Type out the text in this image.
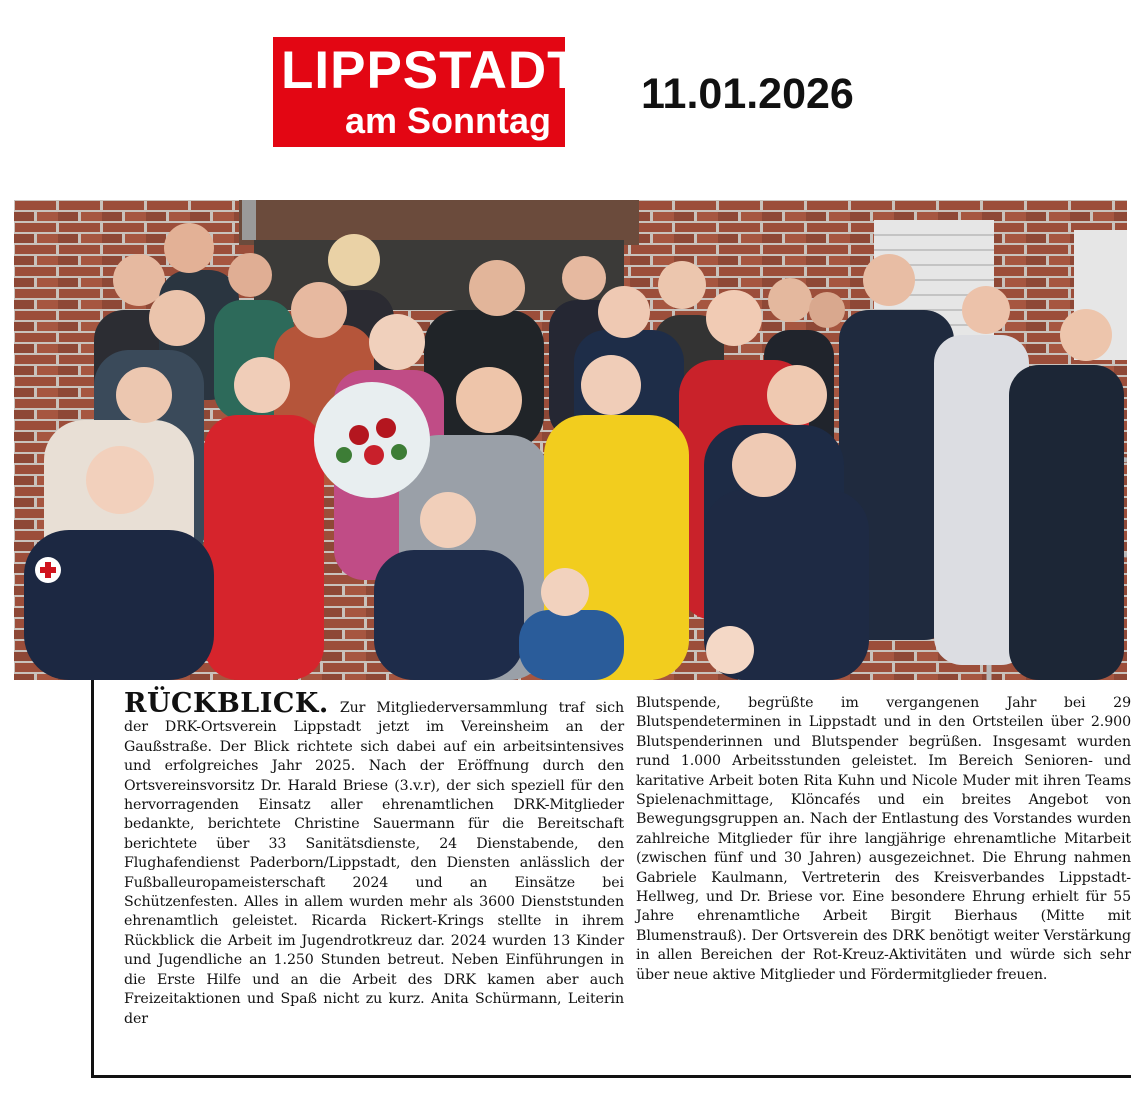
LIPPSTADT
am Sonntag
11.01.2026
RÜCKBLICK. Zur Mitgliederversammlung traf sich der DRK-Ortsverein Lippstadt jetzt im Vereinsheim an der Gaußstraße. Der Blick richtete sich dabei auf ein arbeitsintensives und erfolgreiches Jahr 2025. Nach der Eröffnung durch den Ortsvereinsvorsitz Dr. Harald Briese (3.v.r), der sich speziell für den hervorragenden Einsatz aller ehrenamtlichen DRK-Mitglieder bedankte, berichtete Christine Sauermann für die Bereitschaft berichtete über 33 Sanitätsdienste, 24 Dienstabende, den Flughafendienst Paderborn/Lippstadt, den Diensten anlässlich der Fußballeuropameisterschaft 2024 und an Einsätze bei Schützenfesten. Alles in allem wurden mehr als 3600 Dienststunden ehrenamtlich geleistet. Ricarda Rickert-Krings stellte in ihrem Rückblick die Arbeit im Jugendrotkreuz dar. 2024 wurden 13 Kinder und Jugendliche an 1.250 Stunden betreut. Neben Einführungen in die Erste Hilfe und an die Arbeit des DRK kamen aber auch Freizeitaktionen und Spaß nicht zu kurz. Anita Schürmann, Leiterin der
Blutspende, begrüßte im vergangenen Jahr bei 29 Blutspendeterminen in Lippstadt und in den Ortsteilen über 2.900 Blutspenderinnen und Blutspender begrüßen. Insgesamt wurden rund 1.000 Arbeitsstunden geleistet. Im Bereich Senioren- und karitative Arbeit boten Rita Kuhn und Nicole Muder mit ihren Teams Spielenachmittage, Klöncafés und ein breites Angebot von Bewegungsgruppen an. Nach der Entlastung des Vorstandes wurden zahlreiche Mitglieder für ihre langjährige ehrenamtliche Mitarbeit (zwischen fünf und 30 Jahren) ausgezeichnet. Die Ehrung nahmen Gabriele Kaulmann, Vertreterin des Kreisverbandes Lippstadt-Hellweg, und Dr. Briese vor. Eine besondere Ehrung erhielt für 55 Jahre ehrenamtliche Arbeit Birgit Bierhaus (Mitte mit Blumenstrauß). Der Ortsverein des DRK benötigt weiter Verstärkung in allen Bereichen der Rot-Kreuz-Aktivitäten und würde sich sehr über neue aktive Mitglieder und Fördermitglieder freuen.
